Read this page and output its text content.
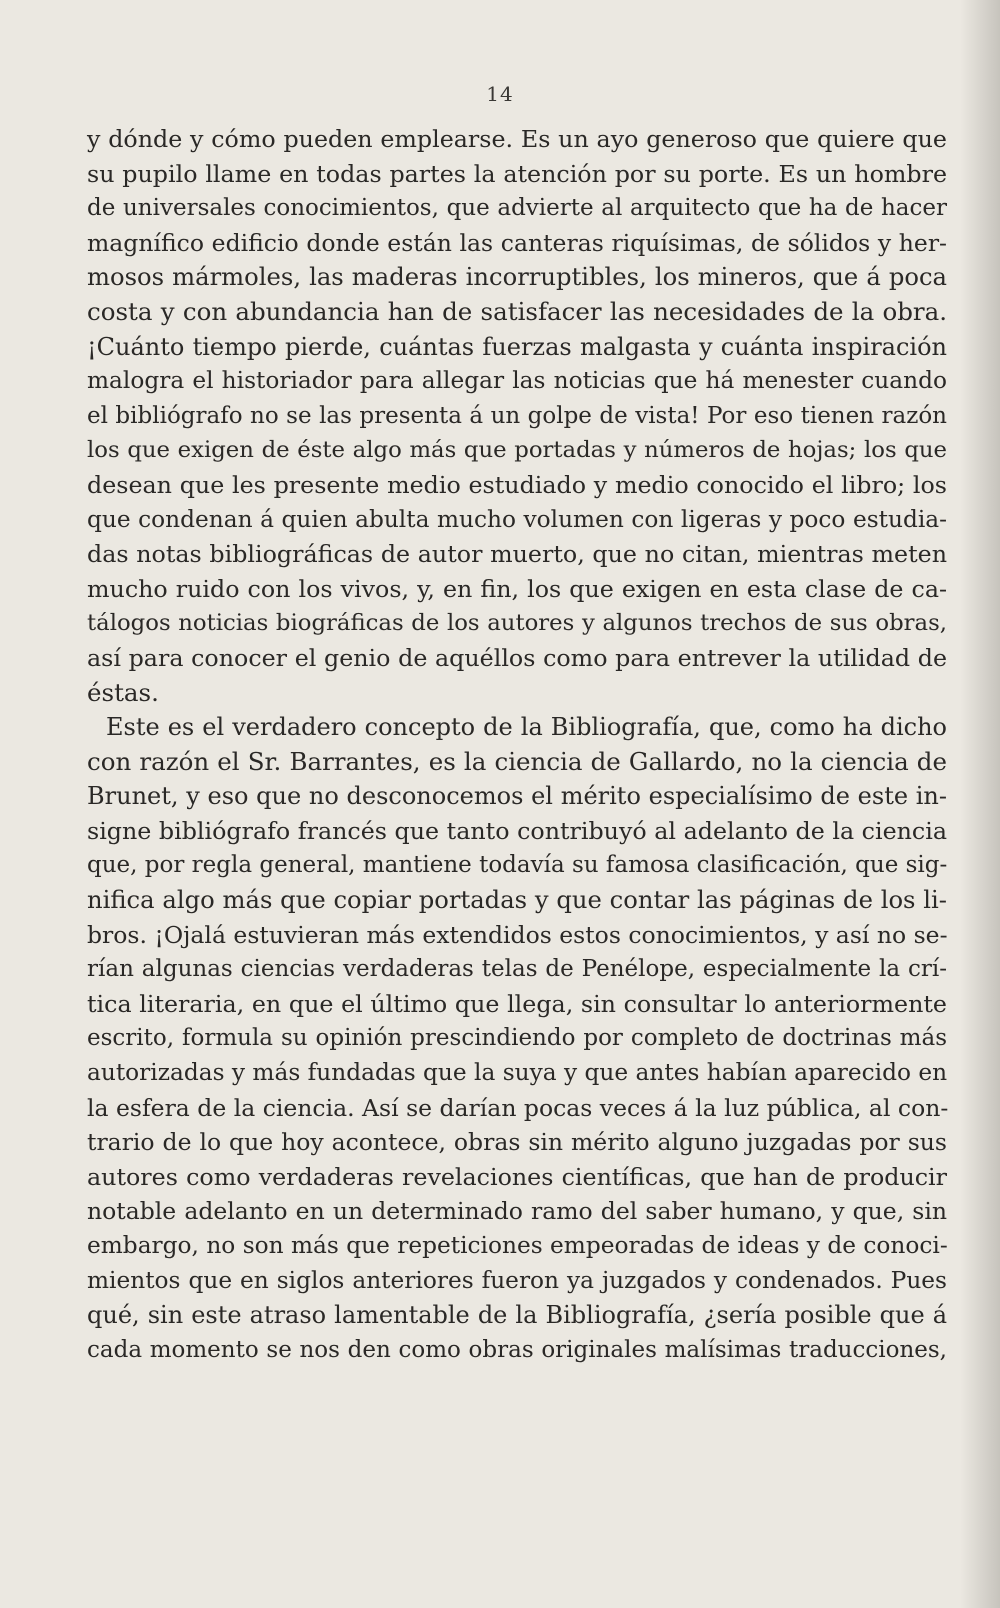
14
y dónde y cómo pueden emplearse. Es un ayo generoso que quiere que
su pupilo llame en todas partes la atención por su porte. Es un hombre
de universales conocimientos, que advierte al arquitecto que ha de hacer
magnífico edificio donde están las canteras riquísimas, de sólidos y her-
mosos mármoles, las maderas incorruptibles, los mineros, que á poca
costa y con abundancia han de satisfacer las necesidades de la obra.
¡Cuánto tiempo pierde, cuántas fuerzas malgasta y cuánta inspiración
malogra el historiador para allegar las noticias que há menester cuando
el bibliógrafo no se las presenta á un golpe de vista! Por eso tienen razón
los que exigen de éste algo más que portadas y números de hojas; los que
desean que les presente medio estudiado y medio conocido el libro; los
que condenan á quien abulta mucho volumen con ligeras y poco estudia-
das notas bibliográficas de autor muerto, que no citan, mientras meten
mucho ruido con los vivos, y, en fin, los que exigen en esta clase de ca-
tálogos noticias biográficas de los autores y algunos trechos de sus obras,
así para conocer el genio de aquéllos como para entrever la utilidad de
éstas.
Este es el verdadero concepto de la Bibliografía, que, como ha dicho
con razón el Sr. Barrantes, es la ciencia de Gallardo, no la ciencia de
Brunet, y eso que no desconocemos el mérito especialísimo de este in-
signe bibliógrafo francés que tanto contribuyó al adelanto de la ciencia
que, por regla general, mantiene todavía su famosa clasificación, que sig-
nifica algo más que copiar portadas y que contar las páginas de los li-
bros. ¡Ojalá estuvieran más extendidos estos conocimientos, y así no se-
rían algunas ciencias verdaderas telas de Penélope, especialmente la crí-
tica literaria, en que el último que llega, sin consultar lo anteriormente
escrito, formula su opinión prescindiendo por completo de doctrinas más
autorizadas y más fundadas que la suya y que antes habían aparecido en
la esfera de la ciencia. Así se darían pocas veces á la luz pública, al con-
trario de lo que hoy acontece, obras sin mérito alguno juzgadas por sus
autores como verdaderas revelaciones científicas, que han de producir
notable adelanto en un determinado ramo del saber humano, y que, sin
embargo, no son más que repeticiones empeoradas de ideas y de conoci-
mientos que en siglos anteriores fueron ya juzgados y condenados. Pues
qué, sin este atraso lamentable de la Bibliografía, ¿sería posible que á
cada momento se nos den como obras originales malísimas traducciones,
